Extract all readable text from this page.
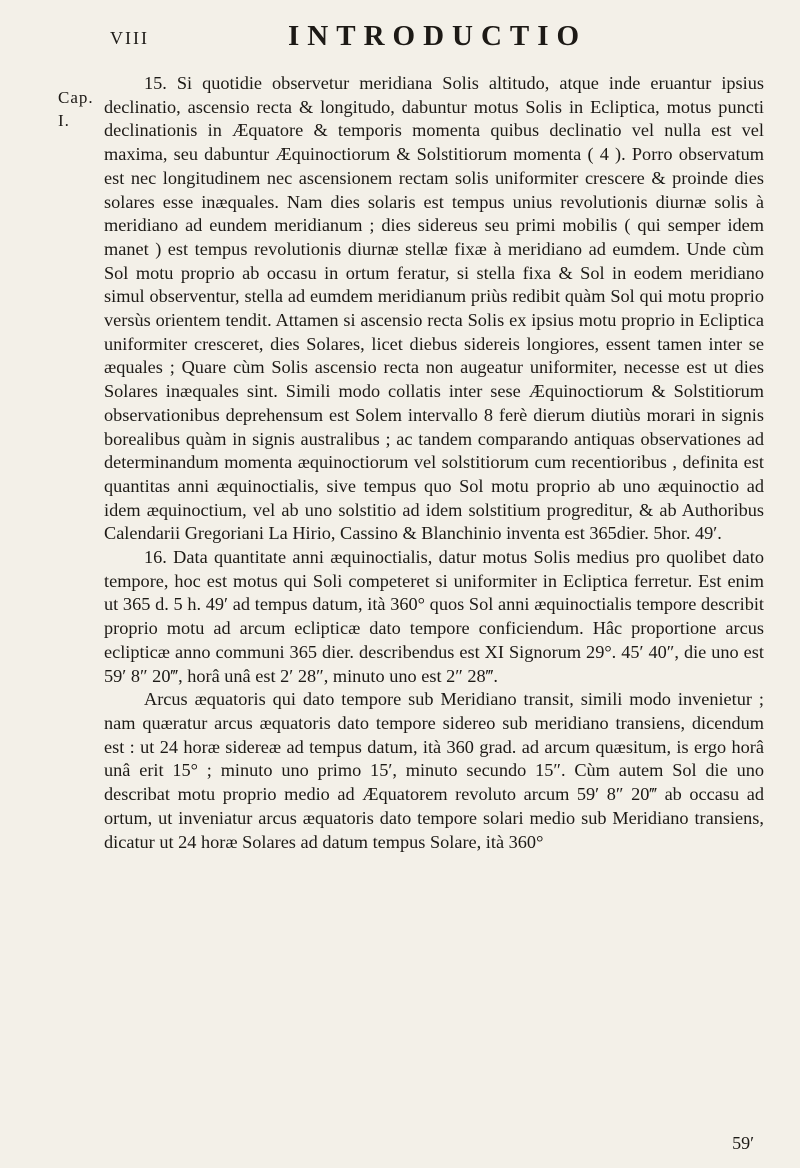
VIII	INTRODUCTIO
Cap.
I.

15. Si quotidie observetur meridiana Solis altitudo, atque inde eruantur ipsius declinatio, ascensio recta & longitudo, dabuntur motus Solis in Ecliptica, motus puncti declinationis in Æquatore & temporis momenta quibus declinatio vel nulla est vel maxima, seu dabuntur Æquinoctiorum & Solstitiorum momenta ( 4 ). Porro observatum est nec longitudinem nec ascensionem rectam solis uniformiter crescere & proinde dies solares esse inæquales. Nam dies solaris est tempus unius revolutionis diurnæ solis à meridiano ad eundem meridianum ; dies sidereus seu primi mobilis ( qui semper idem manet ) est tempus revolutionis diurnæ stellæ fixæ à meridiano ad eumdem. Unde cùm Sol motu proprio ab occasu in ortum feratur, si stella fixa & Sol in eodem meridiano simul observentur, stella ad eumdem meridianum priùs redibit quàm Sol qui motu proprio versùs orientem tendit. Attamen si ascensio recta Solis ex ipsius motu proprio in Ecliptica uniformiter cresceret, dies Solares, licet diebus sidereis longiores, essent tamen inter se æquales ; Quare cùm Solis ascensio recta non augeatur uniformiter, necesse est ut dies Solares inæquales sint. Simili modo collatis inter sese Æquinoctiorum & Solstitiorum observationibus deprehensum est Solem intervallo 8 ferè dierum diutiùs morari in signis borealibus quàm in signis australibus ; ac tandem comparando antiquas observationes ad determinandum momenta æquinoctiorum vel solstitiorum cum recentioribus , definita est quantitas anni æquinoctialis, sive tempus quo Sol motu proprio ab uno æquinoctio ad idem æquinoctium, vel ab uno solstitio ad idem solstitium progreditur, & ab Authoribus Calendarii Gregoriani La Hirio, Cassino & Blanchinio inventa est 365dier. 5hor. 49′.

16. Data quantitate anni æquinoctialis, datur motus Solis medius pro quolibet dato tempore, hoc est motus qui Soli competeret si uniformiter in Ecliptica ferretur. Est enim ut 365 d. 5 h. 49′ ad tempus datum, ità 360° quos Sol anni æquinoctialis tempore describit proprio motu ad arcum eclipticæ dato tempore conficiendum. Hâc proportione arcus eclipticæ anno communi 365 dier. describendus est XI Signorum 29°. 45′ 40″, die uno est 59′ 8″ 20‴, horâ unâ est 2′ 28″, minuto uno est 2″ 28‴.

Arcus æquatoris qui dato tempore sub Meridiano transit, simili modo invenietur ; nam quæratur arcus æquatoris dato tempore sidereo sub meridiano transiens, dicendum est : ut 24 horæ sidereæ ad tempus datum, ità 360 grad. ad arcum quæsitum, is ergo horâ unâ erit 15° ; minuto uno primo 15′, minuto secundo 15″. Cùm autem Sol die uno describat motu proprio medio ad Æquatorem revoluto arcum 59′ 8″ 20‴ ab occasu ad ortum, ut inveniatur arcus æquatoris dato tempore solari medio sub Meridiano transiens, dicatur ut 24 horæ Solares ad datum tempus Solare, ità 360°

59′
